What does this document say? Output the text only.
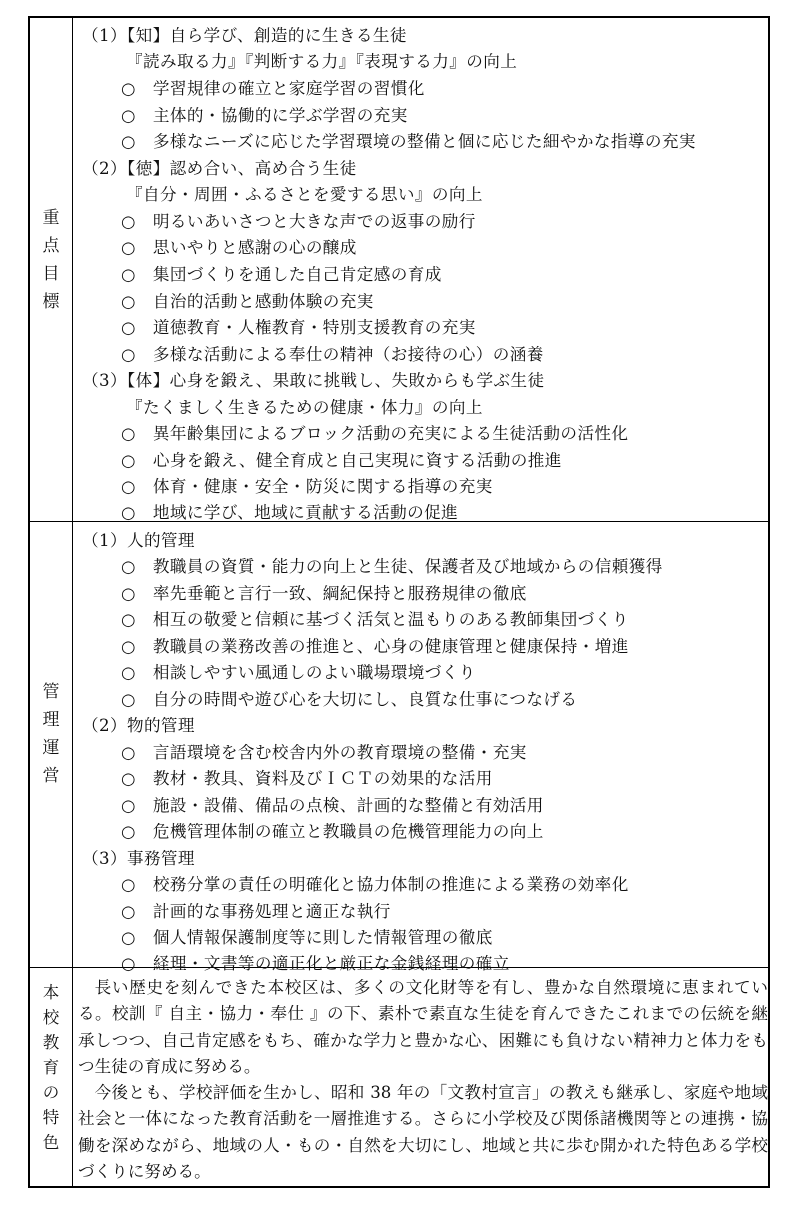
重
点
目
標
管
理
運
営
本
校
教
育
の
特
色
（1）【知】自ら学び、創造的に生きる生徒
『読み取る力』『判断する力』『表現する力』の向上
○　学習規律の確立と家庭学習の習慣化
○　主体的・協働的に学ぶ学習の充実
○　多様なニーズに応じた学習環境の整備と個に応じた細やかな指導の充実
（2）【徳】認め合い、高め合う生徒
『自分・周囲・ふるさとを愛する思い』の向上
○　明るいあいさつと大きな声での返事の励行
○　思いやりと感謝の心の醸成
○　集団づくりを通した自己肯定感の育成
○　自治的活動と感動体験の充実
○　道徳教育・人権教育・特別支援教育の充実
○　多様な活動による奉仕の精神（お接待の心）の涵養
（3）【体】心身を鍛え、果敢に挑戦し、失敗からも学ぶ生徒
『たくましく生きるための健康・体力』の向上
○　異年齢集団によるブロック活動の充実による生徒活動の活性化
○　心身を鍛え、健全育成と自己実現に資する活動の推進
○　体育・健康・安全・防災に関する指導の充実
○　地域に学び、地域に貢献する活動の促進
（1）人的管理
○　教職員の資質・能力の向上と生徒、保護者及び地域からの信頼獲得
○　率先垂範と言行一致、綱紀保持と服務規律の徹底
○　相互の敬愛と信頼に基づく活気と温もりのある教師集団づくり
○　教職員の業務改善の推進と、心身の健康管理と健康保持・増進
○　相談しやすい風通しのよい職場環境づくり
○　自分の時間や遊び心を大切にし、良質な仕事につなげる
（2）物的管理
○　言語環境を含む校舎内外の教育環境の整備・充実
○　教材・教具、資料及びＩＣＴの効果的な活用
○　施設・設備、備品の点検、計画的な整備と有効活用
○　危機管理体制の確立と教職員の危機管理能力の向上
（3）事務管理
○　校務分掌の責任の明確化と協力体制の推進による業務の効率化
○　計画的な事務処理と適正な執行
○　個人情報保護制度等に則した情報管理の徹底
○　経理・文書等の適正化と厳正な金銭経理の確立

長い歴史を刻んできた本校区は、多くの文化財等を有し、豊かな自然環境に恵まれている。校訓『 自主・協力・奉仕 』の下、素朴で素直な生徒を育んできたこれまでの伝統を継承しつつ、自己肯定感をもち、確かな学力と豊かな心、困難にも負けない精神力と体力をもつ生徒の育成に努める。

今後とも、学校評価を生かし、昭和 38 年の「文教村宣言」の教えも継承し、家庭や地域社会と一体になった教育活動を一層推進する。さらに小学校及び関係諸機関等との連携・協働を深めながら、地域の人・もの・自然を大切にし、地域と共に歩む開かれた特色ある学校づくりに努める。
